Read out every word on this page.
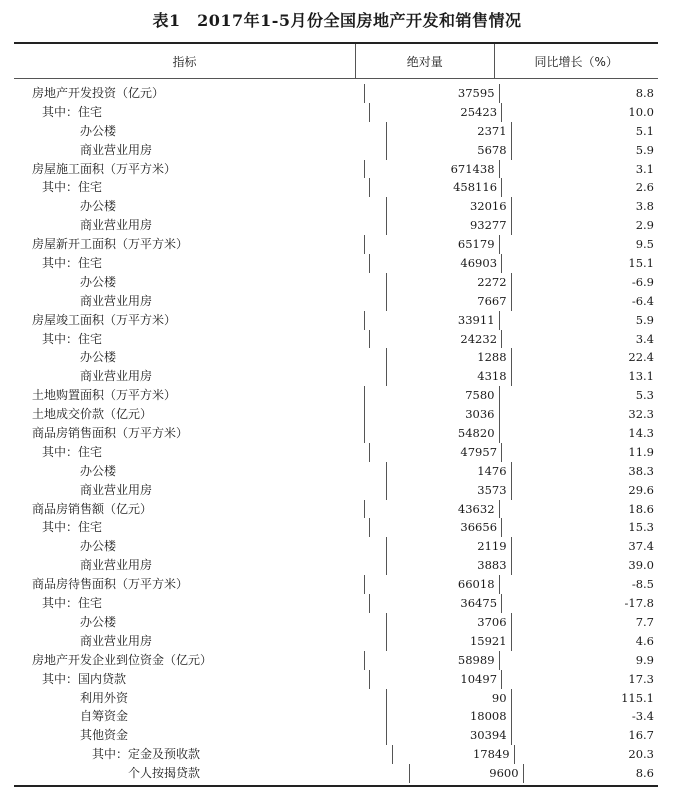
表1　2017年1-5月份全国房地产开发和销售情况
指标	绝对量	同比增长（%）
房地产开发投资（亿元）	37595	8.8
其中：住宅	25423	10.0
办公楼	2371	5.1
商业营业用房	5678	5.9
房屋施工面积（万平方米）	671438	3.1
其中：住宅	458116	2.6
办公楼	32016	3.8
商业营业用房	93277	2.9
房屋新开工面积（万平方米）	65179	9.5
其中：住宅	46903	15.1
办公楼	2272	-6.9
商业营业用房	7667	-6.4
房屋竣工面积（万平方米）	33911	5.9
其中：住宅	24232	3.4
办公楼	1288	22.4
商业营业用房	4318	13.1
土地购置面积（万平方米）	7580	5.3
土地成交价款（亿元）	3036	32.3
商品房销售面积（万平方米）	54820	14.3
其中：住宅	47957	11.9
办公楼	1476	38.3
商业营业用房	3573	29.6
商品房销售额（亿元）	43632	18.6
其中：住宅	36656	15.3
办公楼	2119	37.4
商业营业用房	3883	39.0
商品房待售面积（万平方米）	66018	-8.5
其中：住宅	36475	-17.8
办公楼	3706	7.7
商业营业用房	15921	4.6
房地产开发企业到位资金（亿元）	58989	9.9
其中：国内贷款	10497	17.3
利用外资	90	115.1
自筹资金	18008	-3.4
其他资金	30394	16.7
其中：定金及预收款	17849	20.3
个人按揭贷款	9600	8.6
